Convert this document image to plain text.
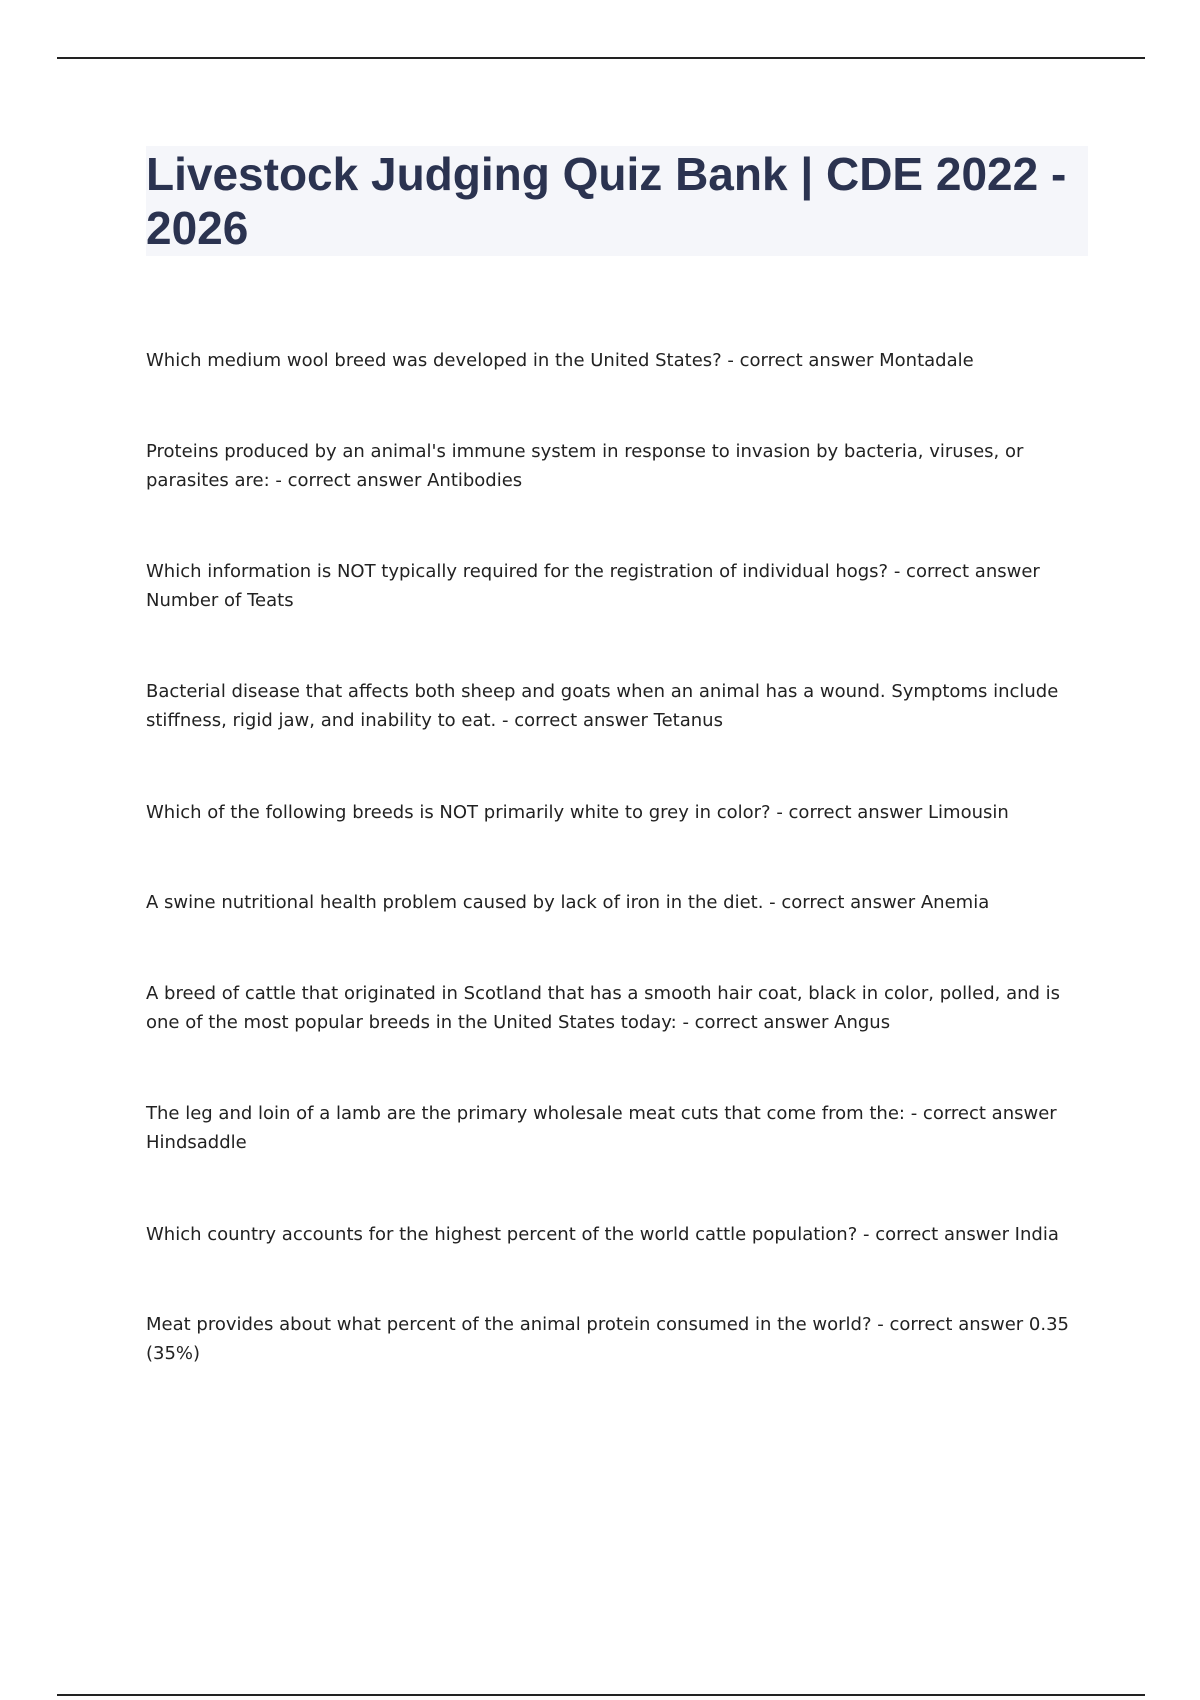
Livestock Judging Quiz Bank | CDE 2022 - 2026

Which medium wool breed was developed in the United States? - correct answer Montadale

Proteins produced by an animal's immune system in response to invasion by bacteria, viruses, or parasites are: - correct answer Antibodies

Which information is NOT typically required for the registration of individual hogs? - correct answer Number of Teats

Bacterial disease that affects both sheep and goats when an animal has a wound. Symptoms include stiffness, rigid jaw, and inability to eat. - correct answer Tetanus

Which of the following breeds is NOT primarily white to grey in color? - correct answer Limousin

A swine nutritional health problem caused by lack of iron in the diet. - correct answer Anemia

A breed of cattle that originated in Scotland that has a smooth hair coat, black in color, polled, and is one of the most popular breeds in the United States today: - correct answer Angus

The leg and loin of a lamb are the primary wholesale meat cuts that come from the: - correct answer Hindsaddle

Which country accounts for the highest percent of the world cattle population? - correct answer India

Meat provides about what percent of the animal protein consumed in the world? - correct answer 0.35 (35%)
